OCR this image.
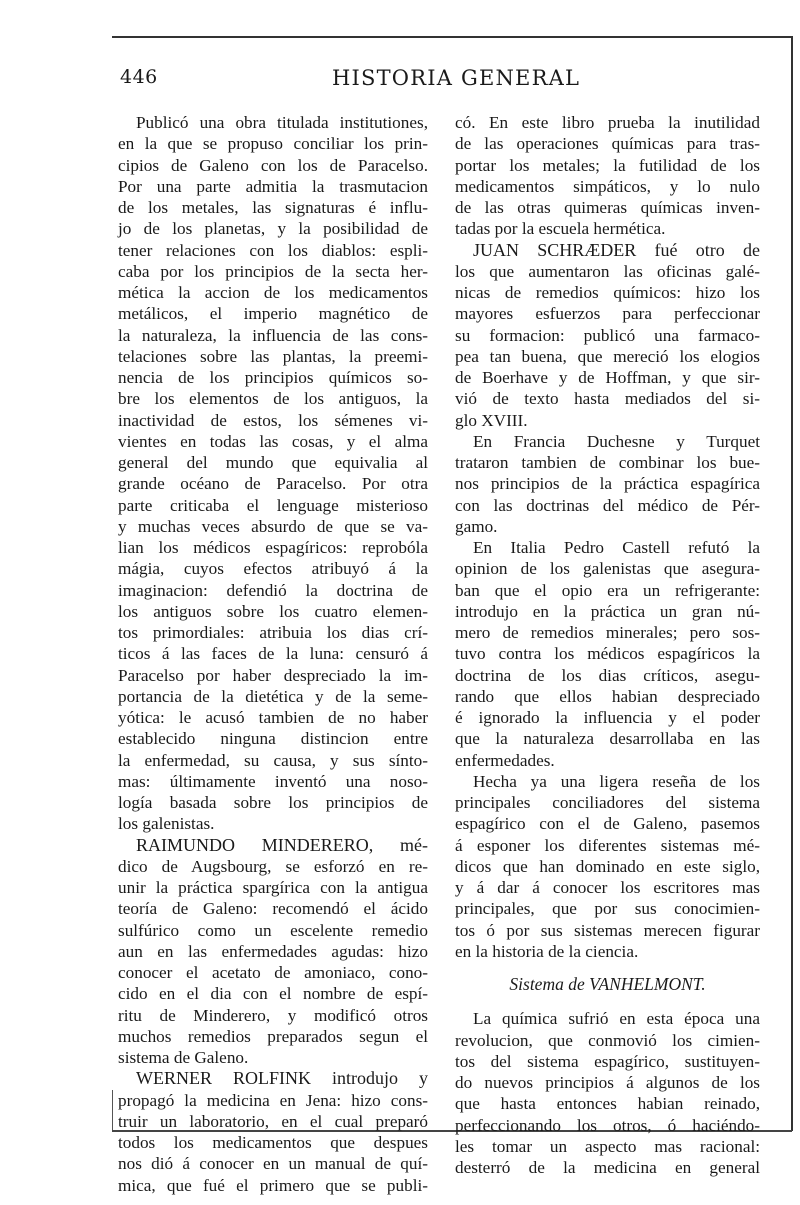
446	HISTORIA GENERAL
Publicó una obra titulada institutiones,
en la que se propuso conciliar los prin-
cipios de Galeno con los de Paracelso.
Por una parte admitia la trasmutacion
de los metales, las signaturas é influ-
jo de los planetas, y la posibilidad de
tener relaciones con los diablos: espli-
caba por los principios de la secta her-
mética la accion de los medicamentos
metálicos, el imperio magnético de
la naturaleza, la influencia de las cons-
telaciones sobre las plantas, la preemi-
nencia de los principios químicos so-
bre los elementos de los antiguos, la
inactividad de estos, los sémenes vi-
vientes en todas las cosas, y el alma
general del mundo que equivalia al
grande océano de Paracelso. Por otra
parte criticaba el lenguage misterioso
y muchas veces absurdo de que se va-
lian los médicos espagíricos: reprobóla
mágia, cuyos efectos atribuyó á la
imaginacion: defendió la doctrina de
los antiguos sobre los cuatro elemen-
tos primordiales: atribuia los dias crí-
ticos á las faces de la luna: censuró á
Paracelso por haber despreciado la im-
portancia de la dietética y de la seme-
yótica: le acusó tambien de no haber
establecido ninguna distincion entre
la enfermedad, su causa, y sus sínto-
mas: últimamente inventó una noso-
logía basada sobre los principios de
los galenistas.
RAIMUNDO MINDERERO, mé-
dico de Augsbourg, se esforzó en re-
unir la práctica spargírica con la antigua
teoría de Galeno: recomendó el ácido
sulfúrico como un escelente remedio
aun en las enfermedades agudas: hizo
conocer el acetato de amoniaco, cono-
cido en el dia con el nombre de espí-
ritu de Mindererо, y modificó otros
muchos remedios preparados segun el
sistema de Galeno.
WERNER ROLFINK introdujo y
propagó la medicina en Jena: hizo cons-
truir un laboratorio, en el cual preparó
todos los medicamentos que despues
nos dió á conocer en un manual de quí-
mica, que fué el primero que se publi-
có. En este libro prueba la inutilidad
de las operaciones químicas para tras-
portar los metales; la futilidad de los
medicamentos simpáticos, y lo nulo
de las otras quimeras químicas inven-
tadas por la escuela hermética.
JUAN SCHRÆDER fué otro de
los que aumentaron las oficinas galé-
nicas de remedios químicos: hizo los
mayores esfuerzos para perfeccionar
su formacion: publicó una farmaco-
pea tan buena, que mereció los elogios
de Boerhave y de Hoffman, y que sir-
vió de texto hasta mediados del si-
glo XVIII.
En Francia Duchesne y Turquet
trataron tambien de combinar los bue-
nos principios de la práctica espagírica
con las doctrinas del médico de Pér-
gamo.
En Italia Pedro Castell refutó la
opinion de los galenistas que asegura-
ban que el opio era un refrigerante:
introdujo en la práctica un gran nú-
mero de remedios minerales; pero sos-
tuvo contra los médicos espagíricos la
doctrina de los dias críticos, asegu-
rando que ellos habian despreciado
é ignorado la influencia y el poder
que la naturaleza desarrollaba en las
enfermedades.
Hecha ya una ligera reseña de los
principales conciliadores del sistema
espagírico con el de Galeno, pasemos
á esponer los diferentes sistemas mé-
dicos que han dominado en este siglo,
y á dar á conocer los escritores mas
principales, que por sus conocimien-
tos ó por sus sistemas merecen figurar
en la historia de la ciencia.
Sistema de VANHELMONT.
La química sufrió en esta época una
revolucion, que conmovió los cimien-
tos del sistema espagírico, sustituyen-
do nuevos principios á algunos de los
que hasta entonces habian reinado,
perfeccionando los otros, ó haciéndo-
les tomar un aspecto mas racional:
desterró de la medicina en general
